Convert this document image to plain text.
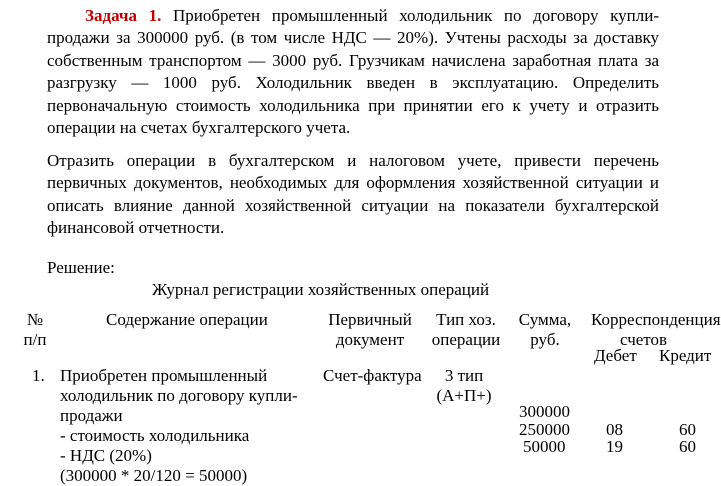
Задача 1. Приобретен промышленный холодильник по договору купли-продажи за 300000 руб. (в том числе НДС — 20%). Учтены расходы за доставку собственным транспортом — 3000 руб. Грузчикам начислена заработная плата за разгрузку — 1000 руб. Холодильник введен в эксплуатацию. Определить первоначальную стоимость холодильника при принятии его к учету и отразить операции на счетах бухгалтерского учета.

Отразить операции в бухгалтерском и налоговом учете, привести перечень первичных документов, необходимых для оформления хозяйственной ситуации и описать влияние данной хозяйственной ситуации на показатели бухгалтерской финансовой отчетности.

Решение:
Журнал регистрации хозяйственных операций
№
п/п
Содержание операции	Первичный
документ
Тип хоз.
операции
Сумма,
руб.
Корреспонденция
счетов
Дебет Кредит
1. Приобретен промышленный
холодильник по договору купли-
продажи
- стоимость холодильника
- НДС (20%)
(300000 * 20/120 = 50000)
Счет-фактура	3 тип
(А+П+)
300000
250000
50000
08
19
60
60
